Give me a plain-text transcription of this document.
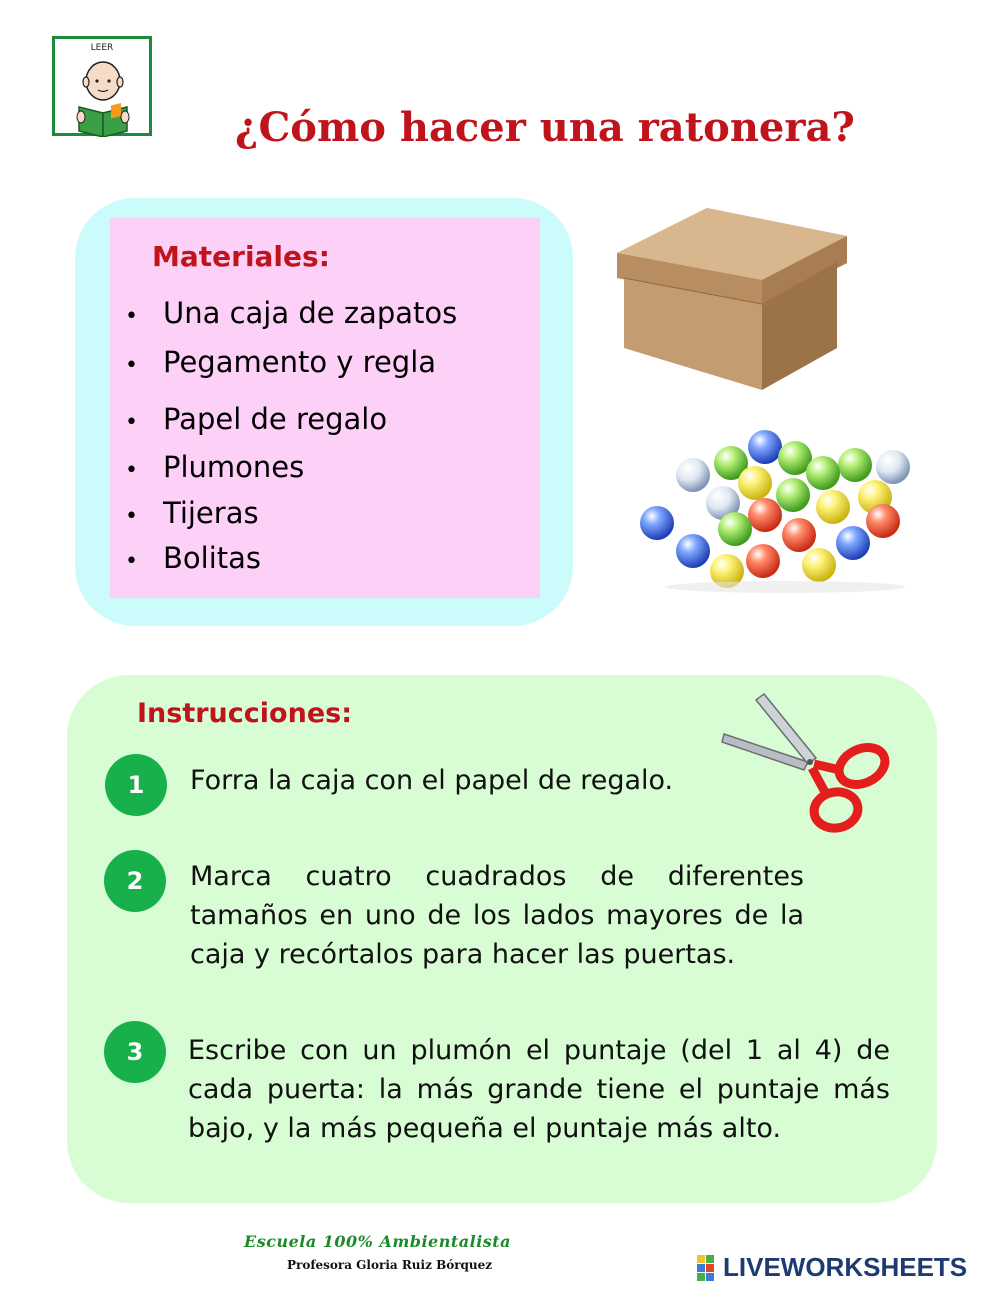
LEER
¿Cómo hacer una ratonera?
Materiales:
• Una caja de zapatos
• Pegamento y regla
• Papel de regalo
• Plumones
• Tijeras
• Bolitas
Instrucciones:
1	Forra la caja con el papel de regalo.
2	Marca cuatro cuadrados de diferentes tamaños en uno de los lados mayores de la caja y recórtalos para hacer las puertas.
3	Escribe con un plumón el puntaje (del 1 al 4) de cada puerta: la más grande tiene el puntaje más bajo, y la más pequeña el puntaje más alto.
Escuela 100% Ambientalista
Profesora Gloria Ruiz Bórquez	LIVEWORKSHEETS
